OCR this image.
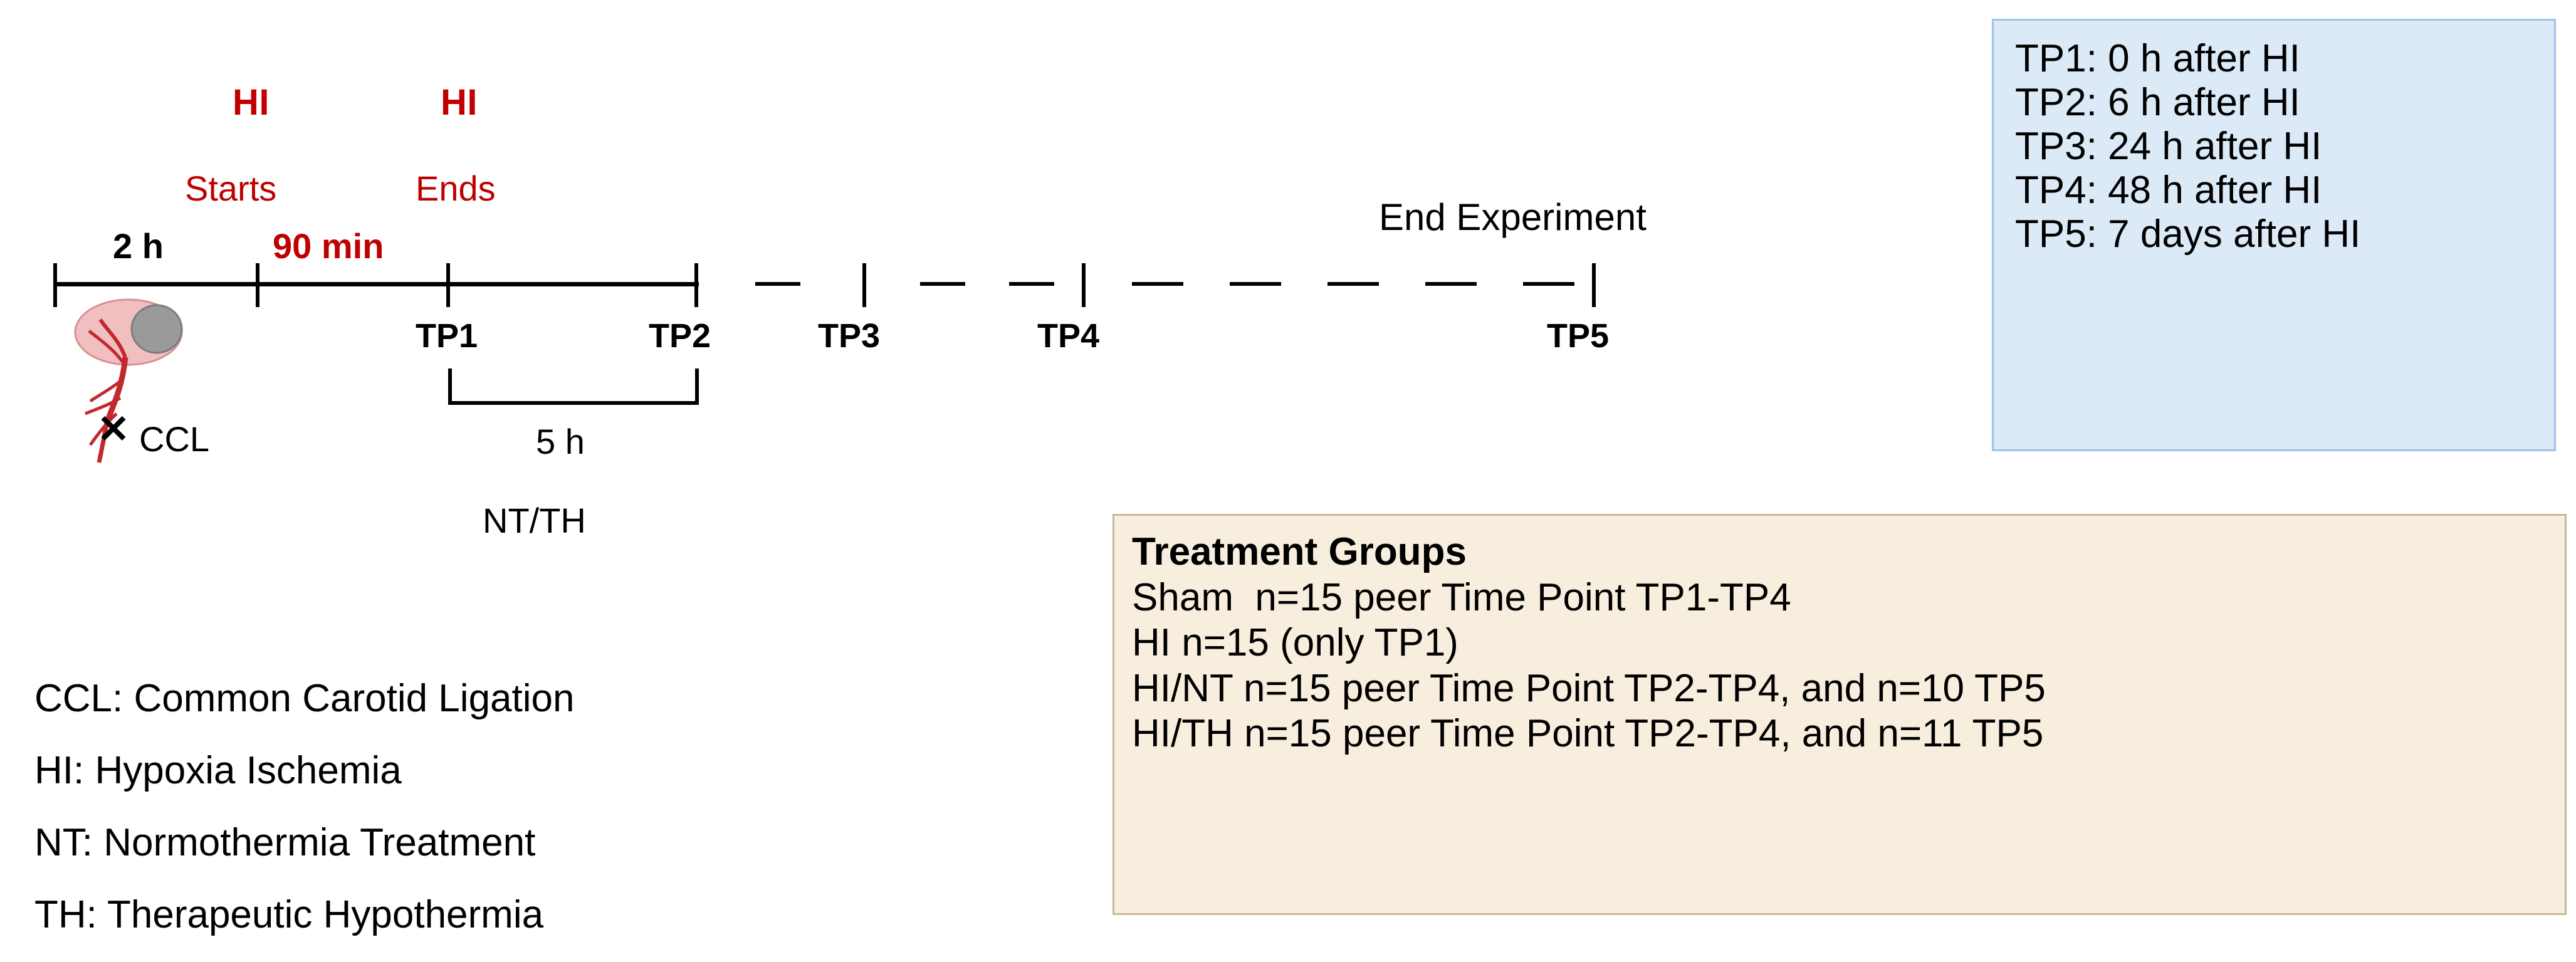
HI
Starts
HI
Ends
2 h	90 min
End Experiment
TP1	TP2	TP3	TP4	TP5
5 h
NT/TH
✕ CCL
TP1: 0 h after HI
TP2: 6 h after HI
TP3: 24 h after HI
TP4: 48 h after HI
TP5: 7 days after HI
Treatment Groups
Sham  n=15 peer Time Point TP1-TP4
HI n=15 (only TP1)
HI/NT n=15 peer Time Point TP2-TP4, and n=10 TP5
HI/TH n=15 peer Time Point TP2-TP4, and n=11 TP5
CCL: Common Carotid Ligation
HI: Hypoxia Ischemia
NT: Normothermia Treatment
TH: Therapeutic Hypothermia
